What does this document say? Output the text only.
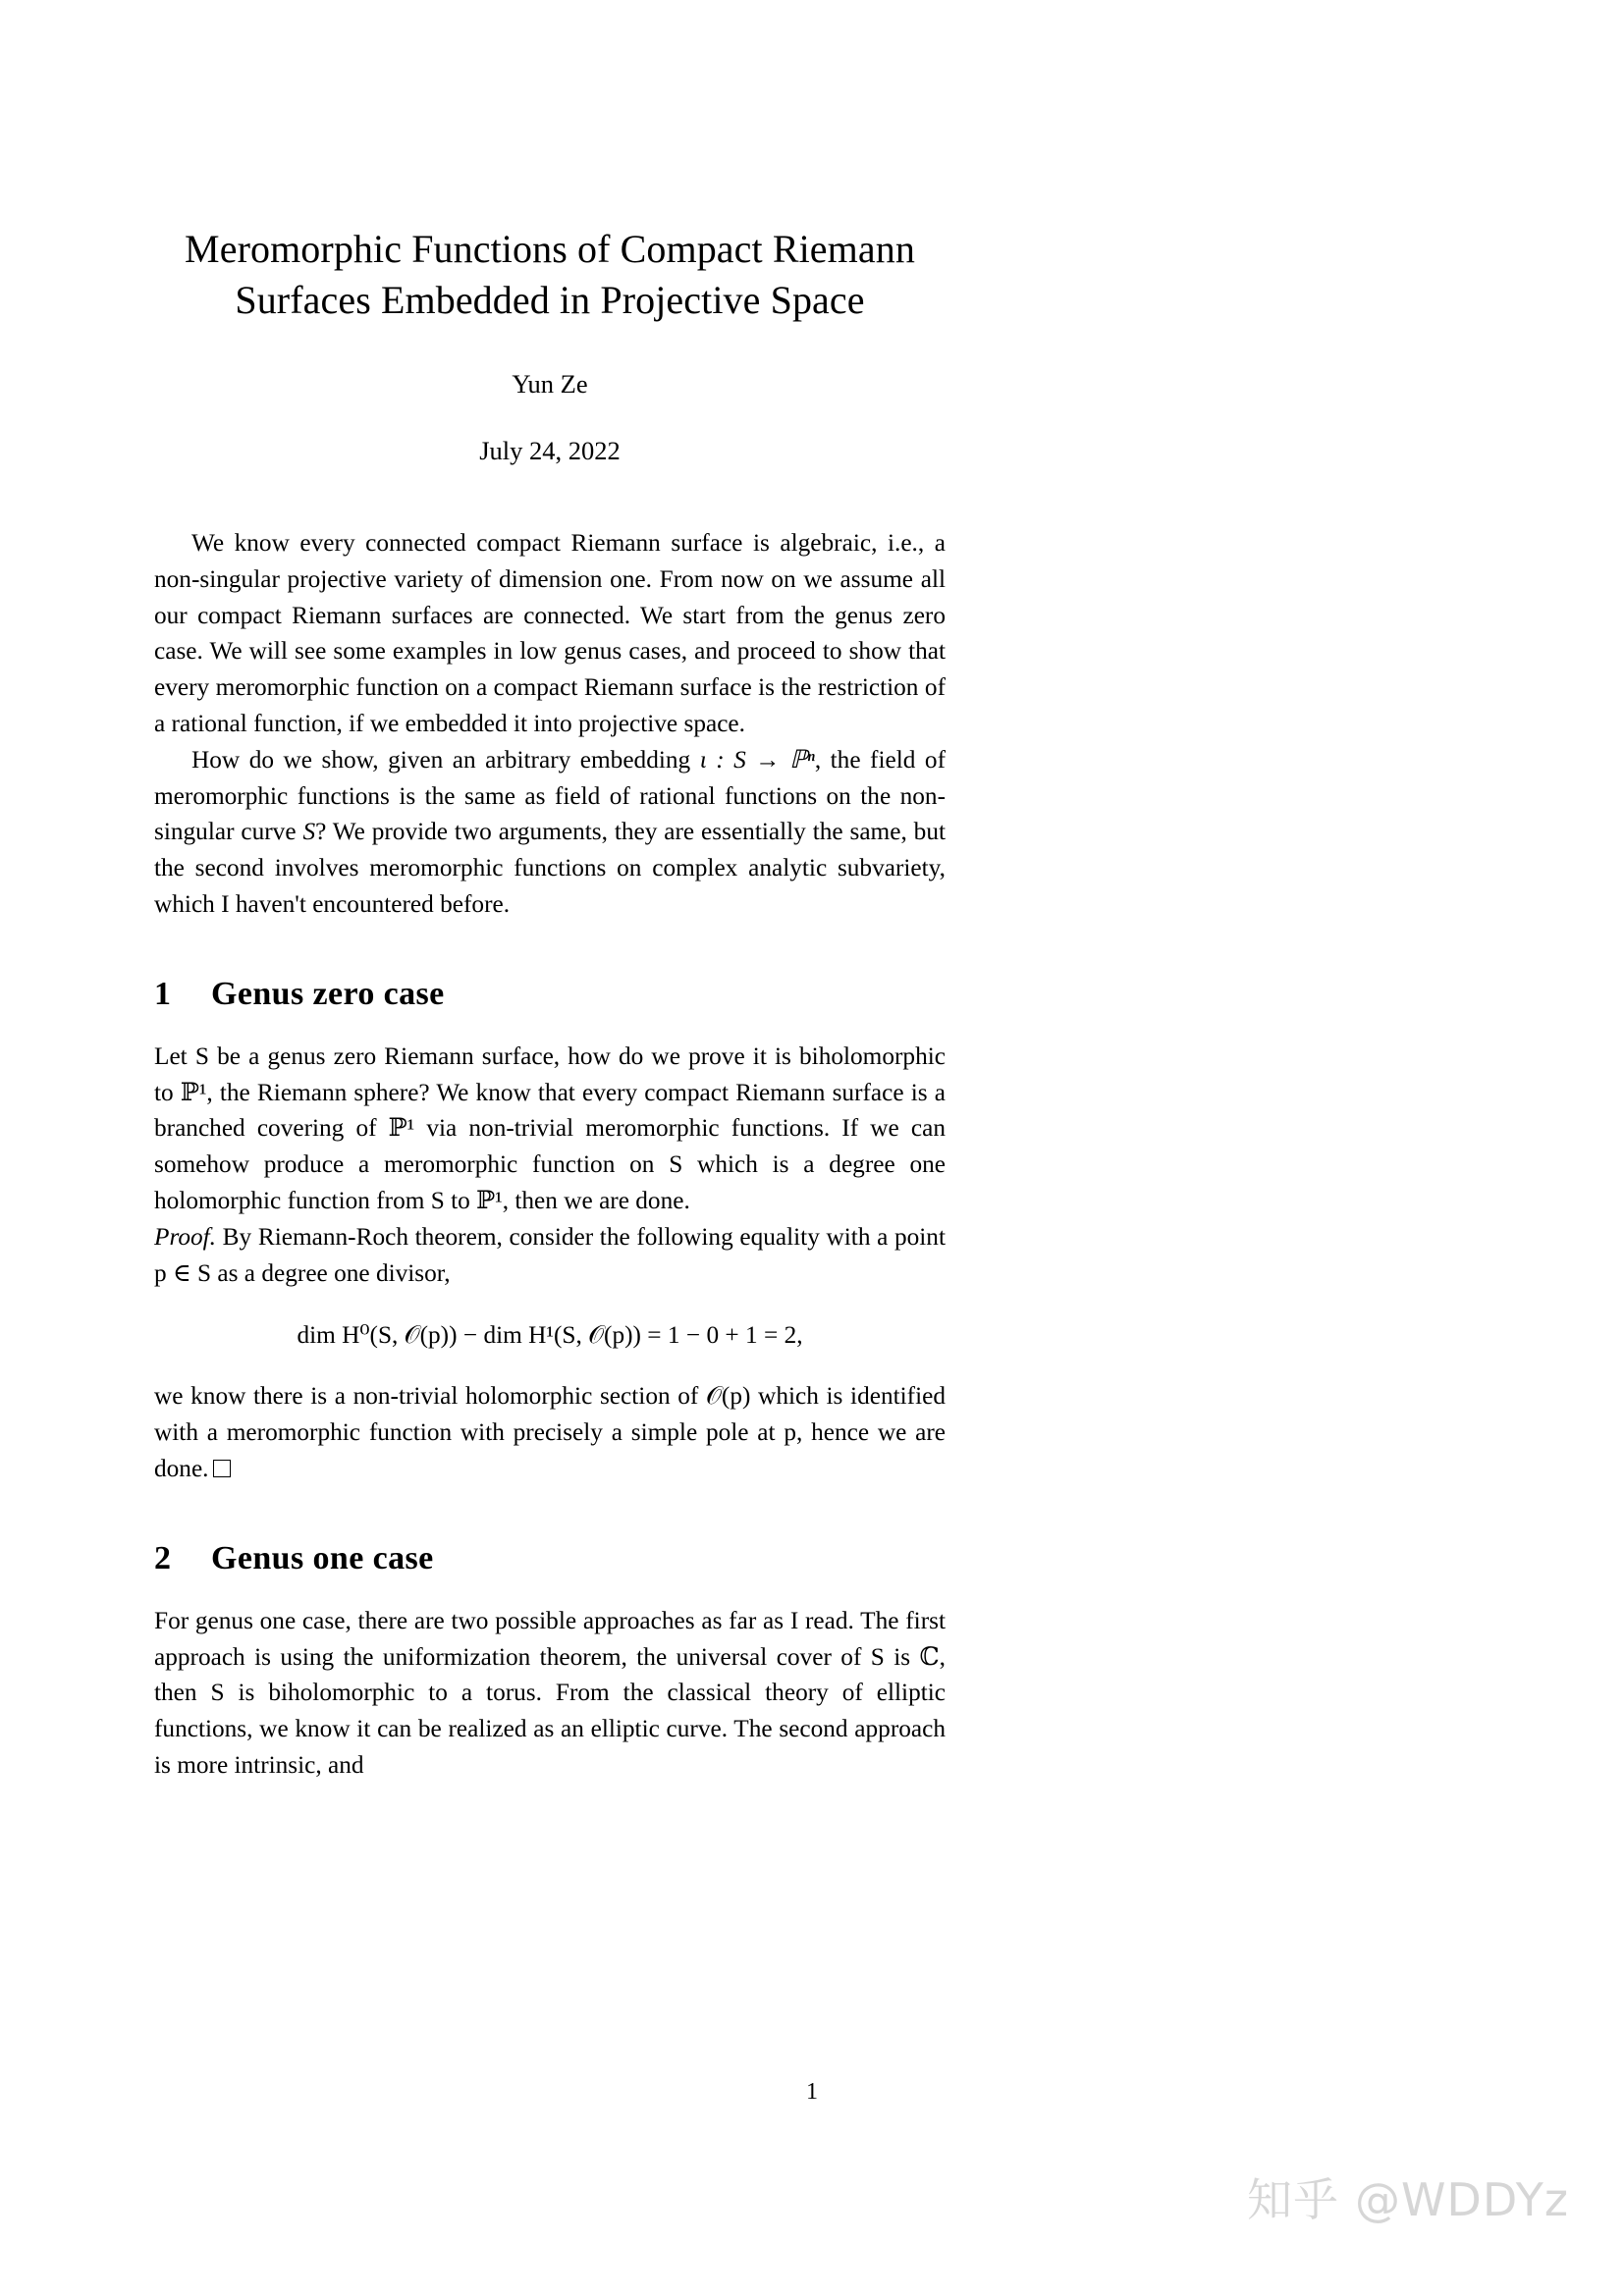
Meromorphic Functions of Compact Riemann
Surfaces Embedded in Projective Space
Yun Ze
July 24, 2022

We know every connected compact Riemann surface is algebraic, i.e., a non-singular projective variety of dimension one. From now on we assume all our compact Riemann surfaces are connected. We start from the genus zero case. We will see some examples in low genus cases, and proceed to show that every meromorphic function on a compact Riemann surface is the restriction of a rational function, if we embedded it into projective space.

How do we show, given an arbitrary embedding ι : S → ℙⁿ, the field of meromorphic functions is the same as field of rational functions on the non-singular curve S? We provide two arguments, they are essentially the same, but the second involves meromorphic functions on complex analytic subvariety, which I haven't encountered before.

1 Genus zero case

Let S be a genus zero Riemann surface, how do we prove it is biholomorphic to ℙ¹, the Riemann sphere? We know that every compact Riemann surface is a branched covering of ℙ¹ via non-trivial meromorphic functions. If we can somehow produce a meromorphic function on S which is a degree one holomorphic function from S to ℙ¹, then we are done.

Proof. By Riemann-Roch theorem, consider the following equality with a point p ∈ S as a degree one divisor,

dim H⁰(S, 𝒪(p)) − dim H¹(S, 𝒪(p)) = 1 − 0 + 1 = 2,

we know there is a non-trivial holomorphic section of 𝒪(p) which is identified with a meromorphic function with precisely a simple pole at p, hence we are done.

2 Genus one case

For genus one case, there are two possible approaches as far as I read. The first approach is using the uniformization theorem, the universal cover of S is ℂ, then S is biholomorphic to a torus. From the classical theory of elliptic functions, we know it can be realized as an elliptic curve. The second approach is more intrinsic, and

1
知乎 @WDDYz
